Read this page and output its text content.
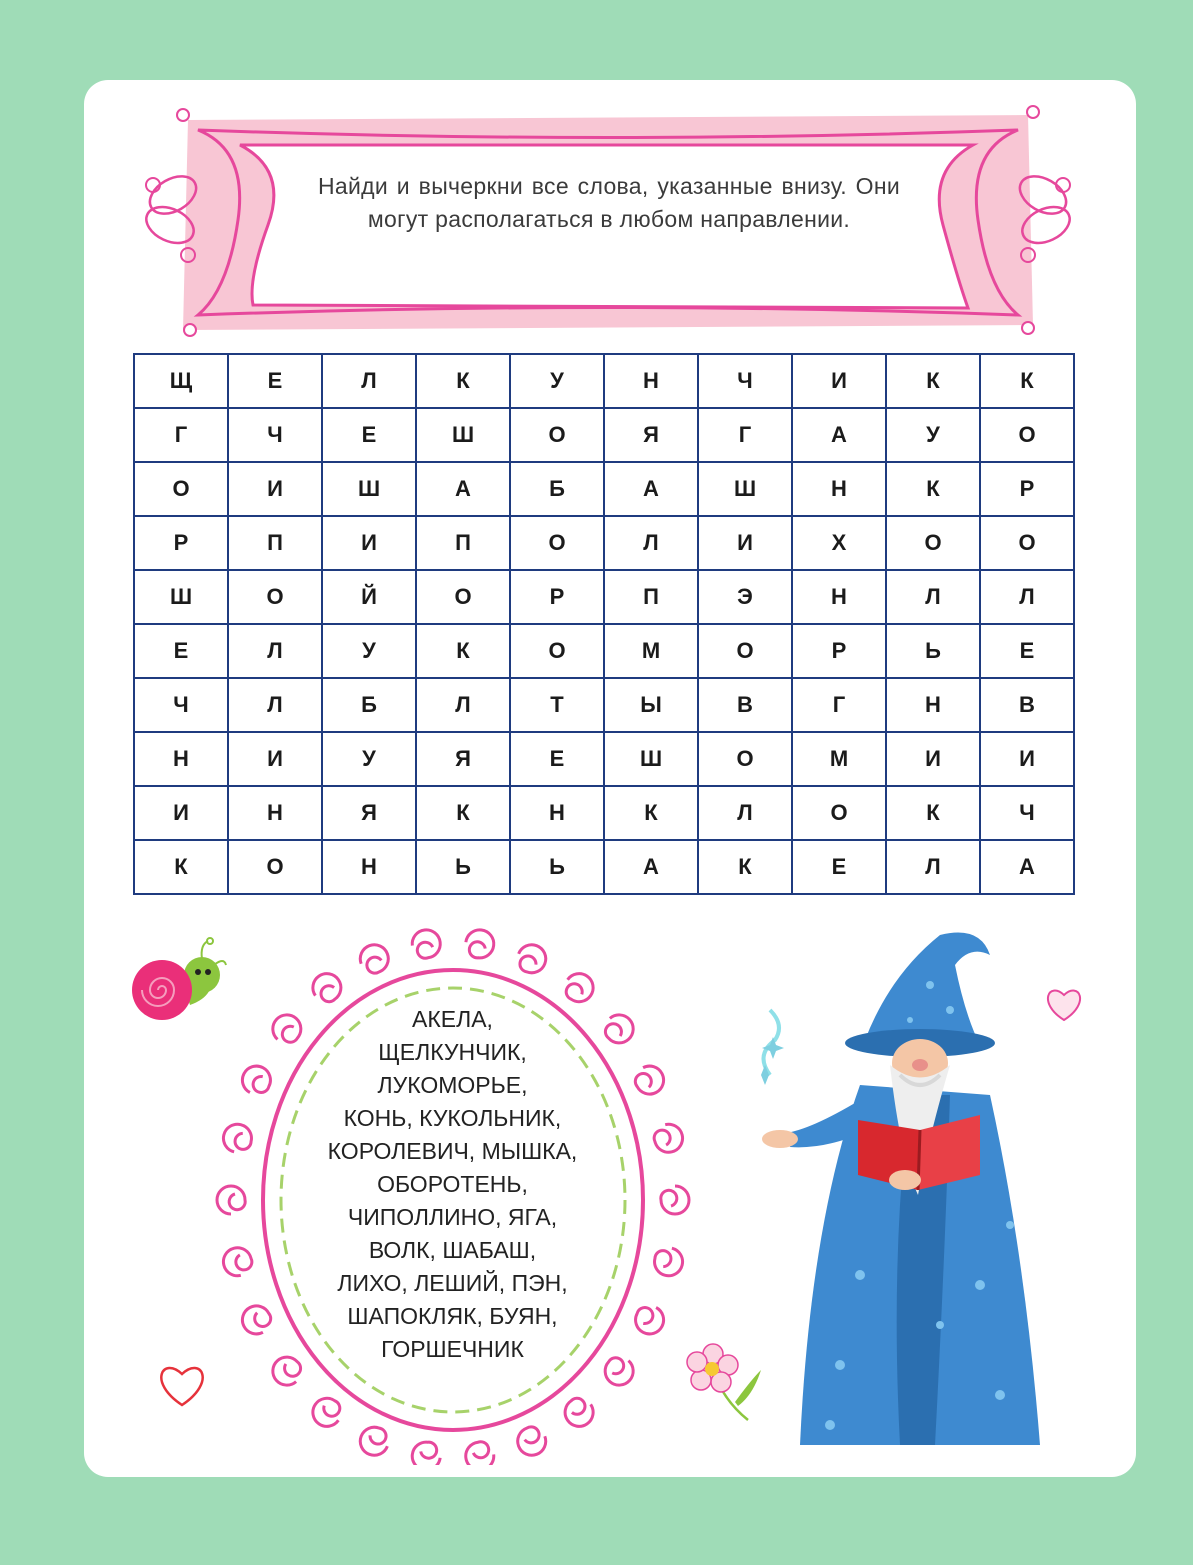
Найди и вычеркни все слова, указанные внизу. Они могут располагаться в любом направлении.
Щ	Е	Л	К	У	Н	Ч	И	К	К
Г	Ч	Е	Ш	О	Я	Г	А	У	О
О	И	Ш	А	Б	А	Ш	Н	К	Р
Р	П	И	П	О	Л	И	Х	О	О
Ш	О	Й	О	Р	П	Э	Н	Л	Л
Е	Л	У	К	О	М	О	Р	Ь	Е
Ч	Л	Б	Л	Т	Ы	В	Г	Н	В
Н	И	У	Я	Е	Ш	О	М	И	И
И	Н	Я	К	Н	К	Л	О	К	Ч
К	О	Н	Ь	Ь	А	К	Е	Л	А
АКЕЛА,
ЩЕЛКУНЧИК,
ЛУКОМОРЬЕ,
КОНЬ, КУКОЛЬНИК,
КОРОЛЕВИЧ, МЫШКА,
ОБОРОТЕНЬ,
ЧИПОЛЛИНО, ЯГА,
ВОЛК, ШАБАШ,
ЛИХО, ЛЕШИЙ, ПЭН,
ШАПОКЛЯК, БУЯН,
ГОРШЕЧНИК
